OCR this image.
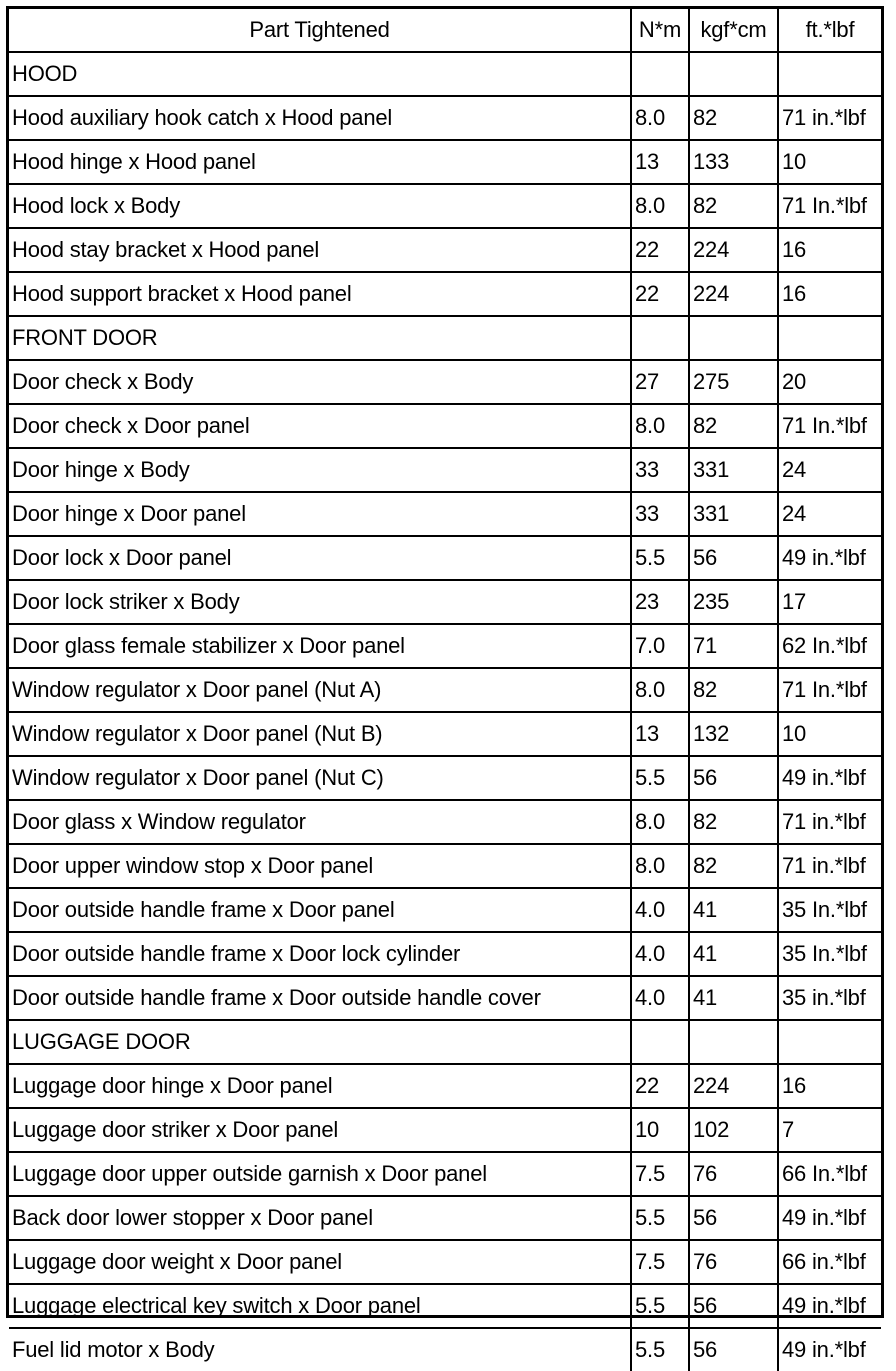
Part Tightened	N*m	kgf*cm	ft.*lbf
HOOD			
Hood auxiliary hook catch x Hood panel	8.0	82	71 in.*lbf
Hood hinge x Hood panel	13	133	10
Hood lock x Body	8.0	82	71 In.*lbf
Hood stay bracket x Hood panel	22	224	16
Hood support bracket x Hood panel	22	224	16
FRONT DOOR			
Door check x Body	27	275	20
Door check x Door panel	8.0	82	71 In.*lbf
Door hinge x Body	33	331	24
Door hinge x Door panel	33	331	24
Door lock x Door panel	5.5	56	49 in.*lbf
Door lock striker x Body	23	235	17
Door glass female stabilizer x Door panel	7.0	71	62 In.*lbf
Window regulator x Door panel (Nut A)	8.0	82	71 In.*lbf
Window regulator x Door panel (Nut B)	13	132	10
Window regulator x Door panel (Nut C)	5.5	56	49 in.*lbf
Door glass x Window regulator	8.0	82	71 in.*lbf
Door upper window stop x Door panel	8.0	82	71 in.*lbf
Door outside handle frame x Door panel	4.0	41	35 In.*lbf
Door outside handle frame x Door lock cylinder	4.0	41	35 In.*lbf
Door outside handle frame x Door outside handle cover	4.0	41	35 in.*lbf
LUGGAGE DOOR			
Luggage door hinge x Door panel	22	224	16
Luggage door striker x Door panel	10	102	7
Luggage door upper outside garnish x Door panel	7.5	76	66 In.*lbf
Back door lower stopper x Door panel	5.5	56	49 in.*lbf
Luggage door weight x Door panel	7.5	76	66 in.*lbf
Luggage electrical key switch x Door panel	5.5	56	49 in.*lbf
Fuel lid motor x Body	5.5	56	49 in.*lbf
